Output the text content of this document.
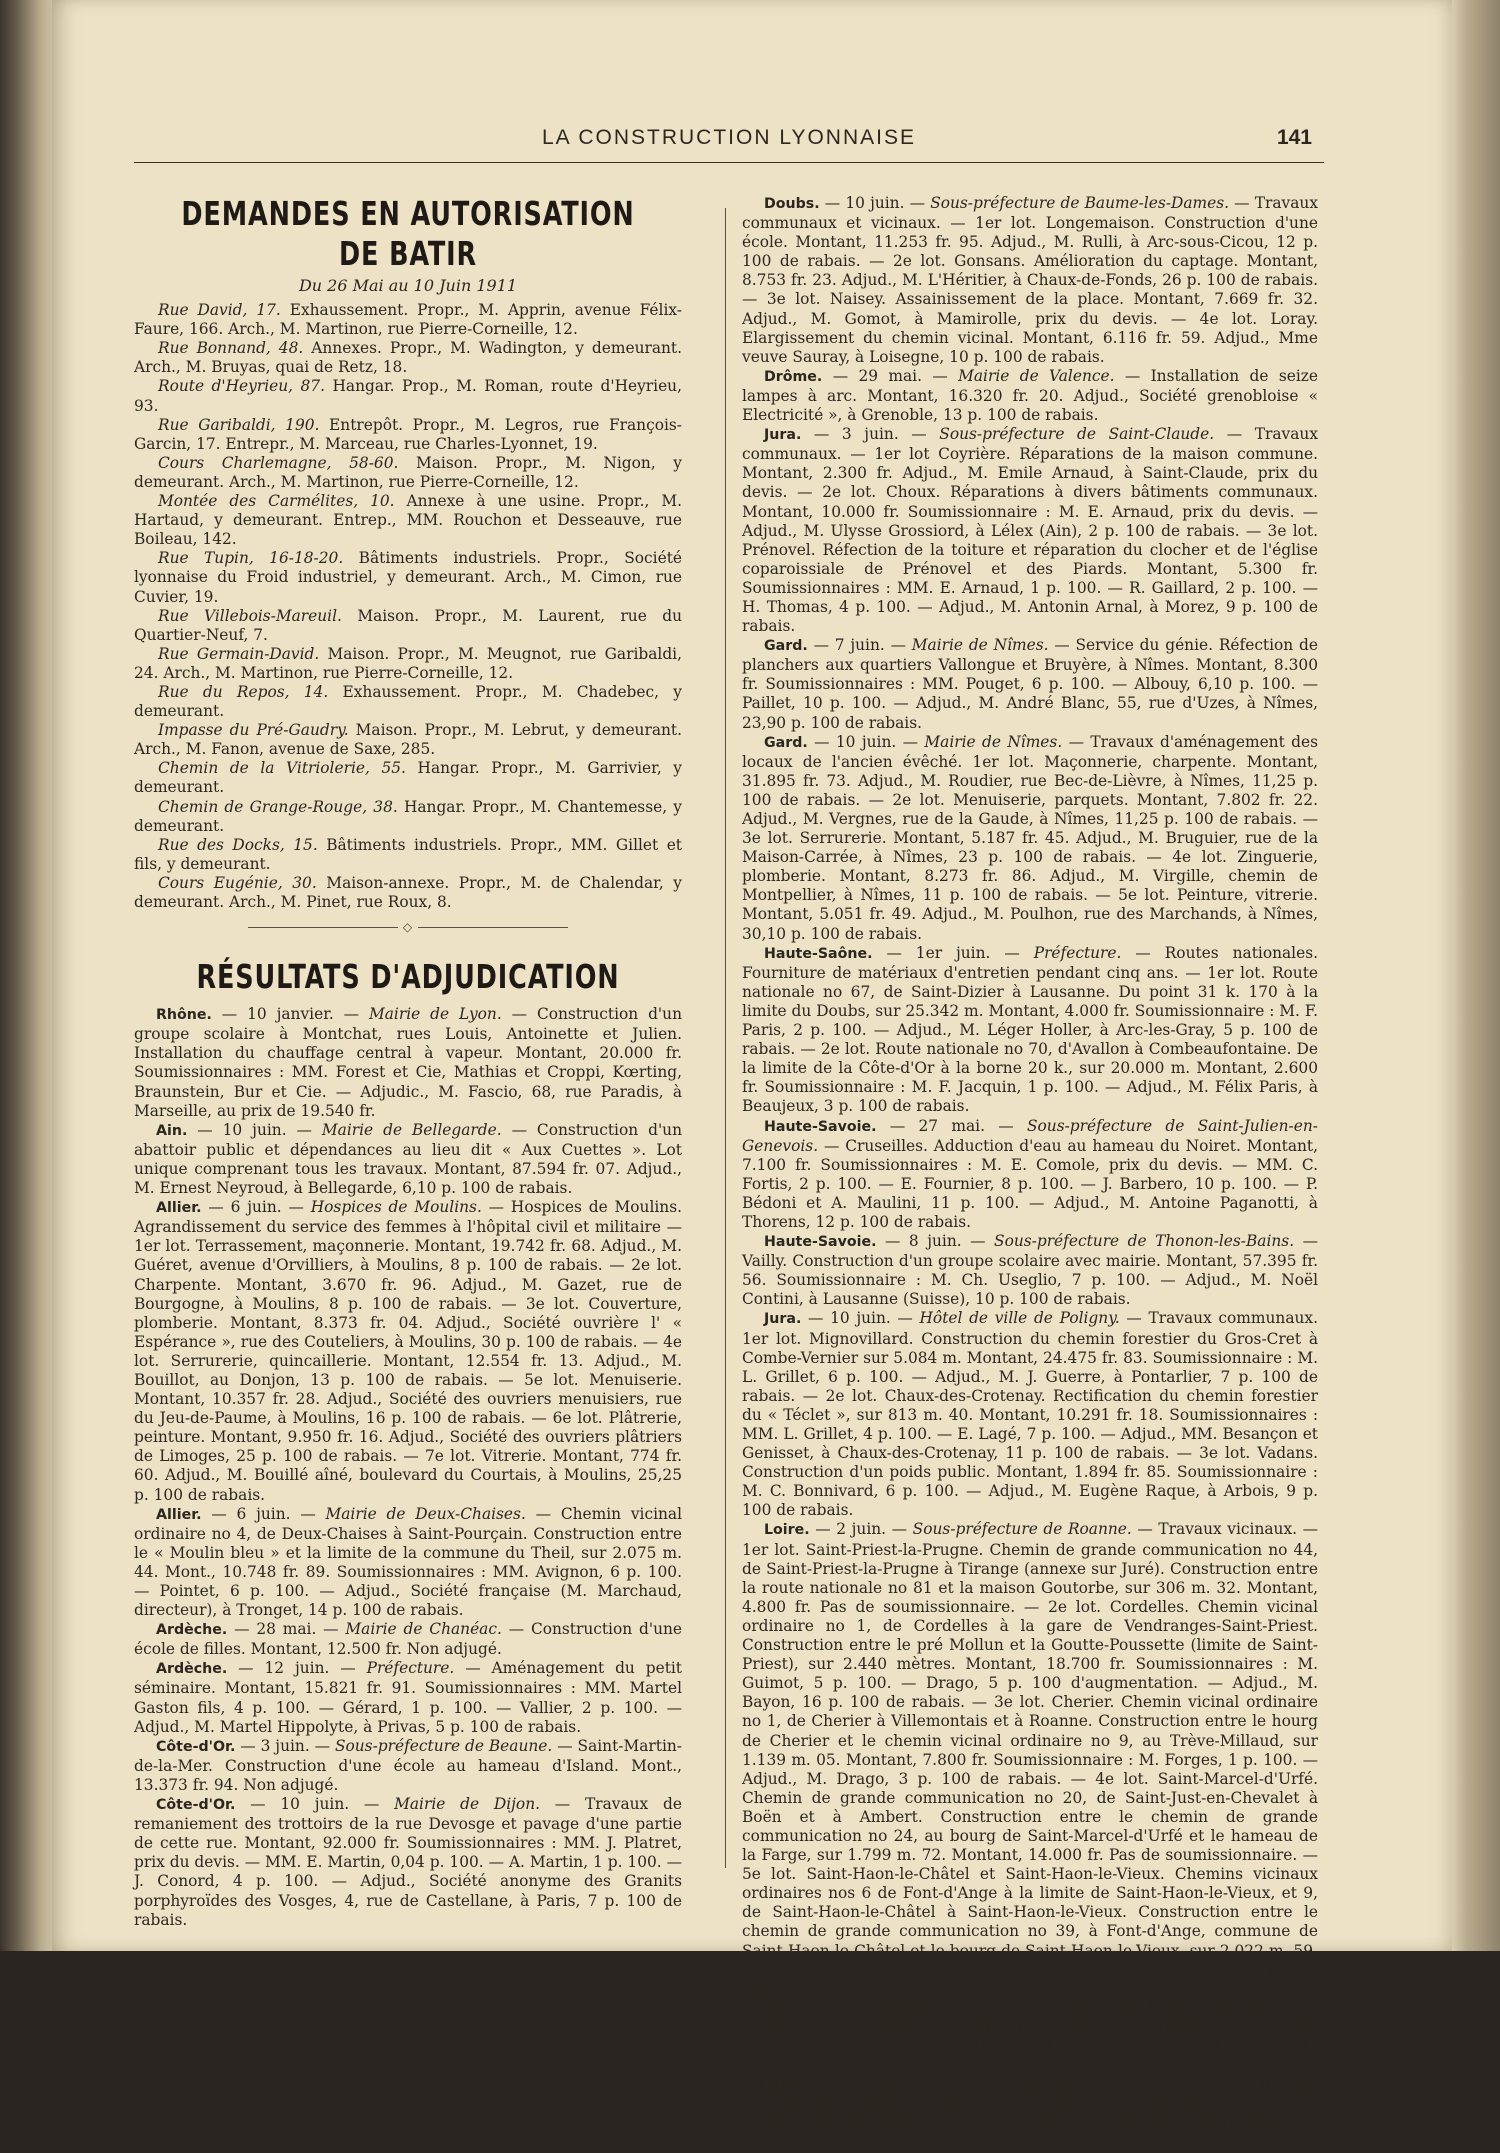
LA CONSTRUCTION LYONNAISE	141
DEMANDES EN AUTORISATION DE BATIR
Du 26 Mai au 10 Juin 1911

Rue David, 17. Exhaussement. Propr., M. Apprin, avenue Félix-Faure, 166. Arch., M. Martinon, rue Pierre-Corneille, 12.

Rue Bonnand, 48. Annexes. Propr., M. Wadington, y demeurant. Arch., M. Bruyas, quai de Retz, 18.

Route d'Heyrieu, 87. Hangar. Prop., M. Roman, route d'Heyrieu, 93.

Rue Garibaldi, 190. Entrepôt. Propr., M. Legros, rue François-Garcin, 17. Entrepr., M. Marceau, rue Charles-Lyonnet, 19.

Cours Charlemagne, 58-60. Maison. Propr., M. Nigon, y demeurant. Arch., M. Martinon, rue Pierre-Corneille, 12.

Montée des Carmélites, 10. Annexe à une usine. Propr., M. Hartaud, y demeurant. Entrep., MM. Rouchon et Desseauve, rue Boileau, 142.

Rue Tupin, 16-18-20. Bâtiments industriels. Propr., Société lyonnaise du Froid industriel, y demeurant. Arch., M. Cimon, rue Cuvier, 19.

Rue Villebois-Mareuil. Maison. Propr., M. Laurent, rue du Quartier-Neuf, 7.

Rue Germain-David. Maison. Propr., M. Meugnot, rue Garibaldi, 24. Arch., M. Martinon, rue Pierre-Corneille, 12.

Rue du Repos, 14. Exhaussement. Propr., M. Chadebec, y demeurant.

Impasse du Pré-Gaudry. Maison. Propr., M. Lebrut, y demeurant. Arch., M. Fanon, avenue de Saxe, 285.

Chemin de la Vitriolerie, 55. Hangar. Propr., M. Garrivier, y demeurant.

Chemin de Grange-Rouge, 38. Hangar. Propr., M. Chantemesse, y demeurant.

Rue des Docks, 15. Bâtiments industriels. Propr., MM. Gillet et fils, y demeurant.

Cours Eugénie, 30. Maison-annexe. Propr., M. de Chalendar, y demeurant. Arch., M. Pinet, rue Roux, 8.

◇
RÉSULTATS D'ADJUDICATION

Rhône. — 10 janvier. — Mairie de Lyon. — Construction d'un groupe scolaire à Montchat, rues Louis, Antoinette et Julien. Installation du chauffage central à vapeur. Montant, 20.000 fr. Soumissionnaires : MM. Forest et Cie, Mathias et Croppi, Kœrting, Braunstein, Bur et Cie. — Adjudic., M. Fascio, 68, rue Paradis, à Marseille, au prix de 19.540 fr.

Ain. — 10 juin. — Mairie de Bellegarde. — Construction d'un abattoir public et dépendances au lieu dit « Aux Cuettes ». Lot unique comprenant tous les travaux. Montant, 87.594 fr. 07. Adjud., M. Ernest Neyroud, à Bellegarde, 6,10 p. 100 de rabais.

Allier. — 6 juin. — Hospices de Moulins. — Hospices de Moulins. Agrandissement du service des femmes à l'hôpital civil et militaire —1er lot. Terrassement, maçonnerie. Montant, 19.742 fr. 68. Adjud., M. Guéret, avenue d'Orvilliers, à Moulins, 8 p. 100 de rabais. — 2e lot. Charpente. Montant, 3.670 fr. 96. Adjud., M. Gazet, rue de Bourgogne, à Moulins, 8 p. 100 de rabais. — 3e lot. Couverture, plomberie. Montant, 8.373 fr. 04. Adjud., Société ouvrière l' « Espérance », rue des Couteliers, à Moulins, 30 p. 100 de rabais. — 4e lot. Serrurerie, quincaillerie. Montant, 12.554 fr. 13. Adjud., M. Bouillot, au Donjon, 13 p. 100 de rabais. — 5e lot. Menuiserie. Montant, 10.357 fr. 28. Adjud., Société des ouvriers menuisiers, rue du Jeu-de-Paume, à Moulins, 16 p. 100 de rabais. — 6e lot. Plâtrerie, peinture. Montant, 9.950 fr. 16. Adjud., Société des ouvriers plâtriers de Limoges, 25 p. 100 de rabais. — 7e lot. Vitrerie. Montant, 774 fr. 60. Adjud., M. Bouillé aîné, boulevard du Courtais, à Moulins, 25,25 p. 100 de rabais.

Allier. — 6 juin. — Mairie de Deux-Chaises. — Chemin vicinal ordinaire no 4, de Deux-Chaises à Saint-Pourçain. Construction entre le « Moulin bleu » et la limite de la commune du Theil, sur 2.075 m. 44. Mont., 10.748 fr. 89. Soumissionnaires : MM. Avignon, 6 p. 100. — Pointet, 6 p. 100. — Adjud., Société française (M. Marchaud, directeur), à Tronget, 14 p. 100 de rabais.

Ardèche. — 28 mai. — Mairie de Chanéac. — Construction d'une école de filles. Montant, 12.500 fr. Non adjugé.

Ardèche. — 12 juin. — Préfecture. — Aménagement du petit séminaire. Montant, 15.821 fr. 91. Soumissionnaires : MM. Martel Gaston fils, 4 p. 100. — Gérard, 1 p. 100. — Vallier, 2 p. 100. — Adjud., M. Martel Hippolyte, à Privas, 5 p. 100 de rabais.

Côte-d'Or. — 3 juin. — Sous-préfecture de Beaune. — Saint-Martin-de-la-Mer. Construction d'une école au hameau d'Island. Mont., 13.373 fr. 94. Non adjugé.

Côte-d'Or. — 10 juin. — Mairie de Dijon. — Travaux de remaniement des trottoirs de la rue Devosge et pavage d'une partie de cette rue. Montant, 92.000 fr. Soumissionnaires : MM. J. Platret, prix du devis. — MM. E. Martin, 0,04 p. 100. — A. Martin, 1 p. 100. — J. Conord, 4 p. 100. — Adjud., Société anonyme des Granits porphyroïdes des Vosges, 4, rue de Castellane, à Paris, 7 p. 100 de rabais.

Doubs. — 10 juin. — Sous-préfecture de Baume-les-Dames. — Travaux communaux et vicinaux. — 1er lot. Longemaison. Construction d'une école. Montant, 11.253 fr. 95. Adjud., M. Rulli, à Arc-sous-Cicou, 12 p. 100 de rabais. — 2e lot. Gonsans. Amélioration du captage. Montant, 8.753 fr. 23. Adjud., M. L'Héritier, à Chaux-de-Fonds, 26 p. 100 de rabais. — 3e lot. Naisey. Assainissement de la place. Montant, 7.669 fr. 32. Adjud., M. Gomot, à Mamirolle, prix du devis. — 4e lot. Loray. Elargissement du chemin vicinal. Montant, 6.116 fr. 59. Adjud., Mme veuve Sauray, à Loisegne, 10 p. 100 de rabais.

Drôme. — 29 mai. — Mairie de Valence. — Installation de seize lampes à arc. Montant, 16.320 fr. 20. Adjud., Société grenobloise « Electricité », à Grenoble, 13 p. 100 de rabais.

Jura. — 3 juin. — Sous-préfecture de Saint-Claude. — Travaux communaux. — 1er lot Coyrière. Réparations de la maison commune. Montant, 2.300 fr. Adjud., M. Emile Arnaud, à Saint-Claude, prix du devis. — 2e lot. Choux. Réparations à divers bâtiments communaux. Montant, 10.000 fr. Soumissionnaire : M. E. Arnaud, prix du devis. — Adjud., M. Ulysse Grossiord, à Lélex (Ain), 2 p. 100 de rabais. — 3e lot. Prénovel. Réfection de la toiture et réparation du clocher et de l'église coparoissiale de Prénovel et des Piards. Montant, 5.300 fr. Soumissionnaires : MM. E. Arnaud, 1 p. 100. — R. Gaillard, 2 p. 100. — H. Thomas, 4 p. 100. — Adjud., M. Antonin Arnal, à Morez, 9 p. 100 de rabais.

Gard. — 7 juin. — Mairie de Nîmes. — Service du génie. Réfection de planchers aux quartiers Vallongue et Bruyère, à Nîmes. Montant, 8.300 fr. Soumissionnaires : MM. Pouget, 6 p. 100. — Albouy, 6,10 p. 100. — Paillet, 10 p. 100. — Adjud., M. André Blanc, 55, rue d'Uzes, à Nîmes, 23,90 p. 100 de rabais.

Gard. — 10 juin. — Mairie de Nîmes. — Travaux d'aménagement des locaux de l'ancien évêché. 1er lot. Maçonnerie, charpente. Montant, 31.895 fr. 73. Adjud., M. Roudier, rue Bec-de-Lièvre, à Nîmes, 11,25 p. 100 de rabais. — 2e lot. Menuiserie, parquets. Montant, 7.802 fr. 22. Adjud., M. Vergnes, rue de la Gaude, à Nîmes, 11,25 p. 100 de rabais. — 3e lot. Serrurerie. Montant, 5.187 fr. 45. Adjud., M. Bruguier, rue de la Maison-Carrée, à Nîmes, 23 p. 100 de rabais. — 4e lot. Zinguerie, plomberie. Montant, 8.273 fr. 86. Adjud., M. Virgille, chemin de Montpellier, à Nîmes, 11 p. 100 de rabais. — 5e lot. Peinture, vitrerie. Montant, 5.051 fr. 49. Adjud., M. Poulhon, rue des Marchands, à Nîmes, 30,10 p. 100 de rabais.

Haute-Saône. — 1er juin. — Préfecture. — Routes nationales. Fourniture de matériaux d'entretien pendant cinq ans. — 1er lot. Route nationale no 67, de Saint-Dizier à Lausanne. Du point 31 k. 170 à la limite du Doubs, sur 25.342 m. Montant, 4.000 fr. Soumissionnaire : M. F. Paris, 2 p. 100. — Adjud., M. Léger Holler, à Arc-les-Gray, 5 p. 100 de rabais. — 2e lot. Route nationale no 70, d'Avallon à Combeaufontaine. De la limite de la Côte-d'Or à la borne 20 k., sur 20.000 m. Montant, 2.600 fr. Soumissionnaire : M. F. Jacquin, 1 p. 100. — Adjud., M. Félix Paris, à Beaujeux, 3 p. 100 de rabais.

Haute-Savoie. — 27 mai. — Sous-préfecture de Saint-Julien-en-Genevois. — Cruseilles. Adduction d'eau au hameau du Noiret. Montant, 7.100 fr. Soumissionnaires : M. E. Comole, prix du devis. — MM. C. Fortis, 2 p. 100. — E. Fournier, 8 p. 100. — J. Barbero, 10 p. 100. — P. Bédoni et A. Maulini, 11 p. 100. — Adjud., M. Antoine Paganotti, à Thorens, 12 p. 100 de rabais.

Haute-Savoie. — 8 juin. — Sous-préfecture de Thonon-les-Bains. — Vailly. Construction d'un groupe scolaire avec mairie. Montant, 57.395 fr. 56. Soumissionnaire : M. Ch. Useglio, 7 p. 100. — Adjud., M. Noël Contini, à Lausanne (Suisse), 10 p. 100 de rabais.

Jura. — 10 juin. — Hôtel de ville de Poligny. — Travaux communaux. 1er lot. Mignovillard. Construction du chemin forestier du Gros-Cret à Combe-Vernier sur 5.084 m. Montant, 24.475 fr. 83. Soumissionnaire : M. L. Grillet, 6 p. 100. — Adjud., M. J. Guerre, à Pontarlier, 7 p. 100 de rabais. — 2e lot. Chaux-des-Crotenay. Rectification du chemin forestier du « Téclet », sur 813 m. 40. Montant, 10.291 fr. 18. Soumissionnaires : MM. L. Grillet, 4 p. 100. — E. Lagé, 7 p. 100. — Adjud., MM. Besançon et Genisset, à Chaux-des-Crotenay, 11 p. 100 de rabais. — 3e lot. Vadans. Construction d'un poids public. Montant, 1.894 fr. 85. Soumissionnaire : M. C. Bonnivard, 6 p. 100. — Adjud., M. Eugène Raque, à Arbois, 9 p. 100 de rabais.

Loire. — 2 juin. — Sous-préfecture de Roanne. — Travaux vicinaux. — 1er lot. Saint-Priest-la-Prugne. Chemin de grande communication no 44, de Saint-Priest-la-Prugne à Tirange (annexe sur Juré). Construction entre la route nationale no 81 et la maison Goutorbe, sur 306 m. 32. Montant, 4.800 fr. Pas de soumissionnaire. — 2e lot. Cordelles. Chemin vicinal ordinaire no 1, de Cordelles à la gare de Vendranges-Saint-Priest. Construction entre le pré Mollun et la Goutte-Poussette (limite de Saint-Priest), sur 2.440 mètres. Montant, 18.700 fr. Soumissionnaires : M. Guimot, 5 p. 100. — Drago, 5 p. 100 d'augmentation. — Adjud., M. Bayon, 16 p. 100 de rabais. — 3e lot. Cherier. Chemin vicinal ordinaire no 1, de Cherier à Villemontais et à Roanne. Construction entre le hourg de Cherier et le chemin vicinal ordinaire no 9, au Trève-Millaud, sur 1.139 m. 05. Montant, 7.800 fr. Soumissionnaire : M. Forges, 1 p. 100. — Adjud., M. Drago, 3 p. 100 de rabais. — 4e lot. Saint-Marcel-d'Urfé. Chemin de grande communication no 20, de Saint-Just-en-Chevalet à Boën et à Ambert. Construction entre le chemin de grande communication no 24, au bourg de Saint-Marcel-d'Urfé et le hameau de la Farge, sur 1.799 m. 72. Montant, 14.000 fr. Pas de soumissionnaire. — 5e lot. Saint-Haon-le-Châtel et Saint-Haon-le-Vieux. Chemins vicinaux ordinaires nos 6 de Font-d'Ange à la limite de Saint-Haon-le-Vieux, et 9, de Saint-Haon-le-Châtel à Saint-Haon-le-Vieux. Construction entre le chemin de grande communication no 39, à Font-d'Ange, commune de Saint-Haon-le-Châtel et le bourg de Saint-Haon-le-Vieux, sur 2.022 m. 59. Soumissionnaires : M. Forges, prix du devis. — M. Drago, 1 p. 100. — Adjud., M. Darcon, à Renaison, 2 p. 100 de rabais. — 6e lot. La Bénissons-Dieu. Chemin vicinal ordinaire no 9, de la Bénissons-Dieu à la Croix de la Perche. Construction entre le chemin de grande communication no 4 bis et la limite de la commune de Noailly, sur 1.219 m. 16. Montant, 9.000 fr. Pas de soumissionnaire.

Loire. — 11 juin. — Mairie de Bellegarde-en-Forez. — Construction d'un groupe scolaire (3 classes pour garçons, 3 pour filles). — 1er lot. Fouilles, terrassement, maçonnerie. Montant, 28.300 fr. Non adjugé. — 2e lot. Char-
